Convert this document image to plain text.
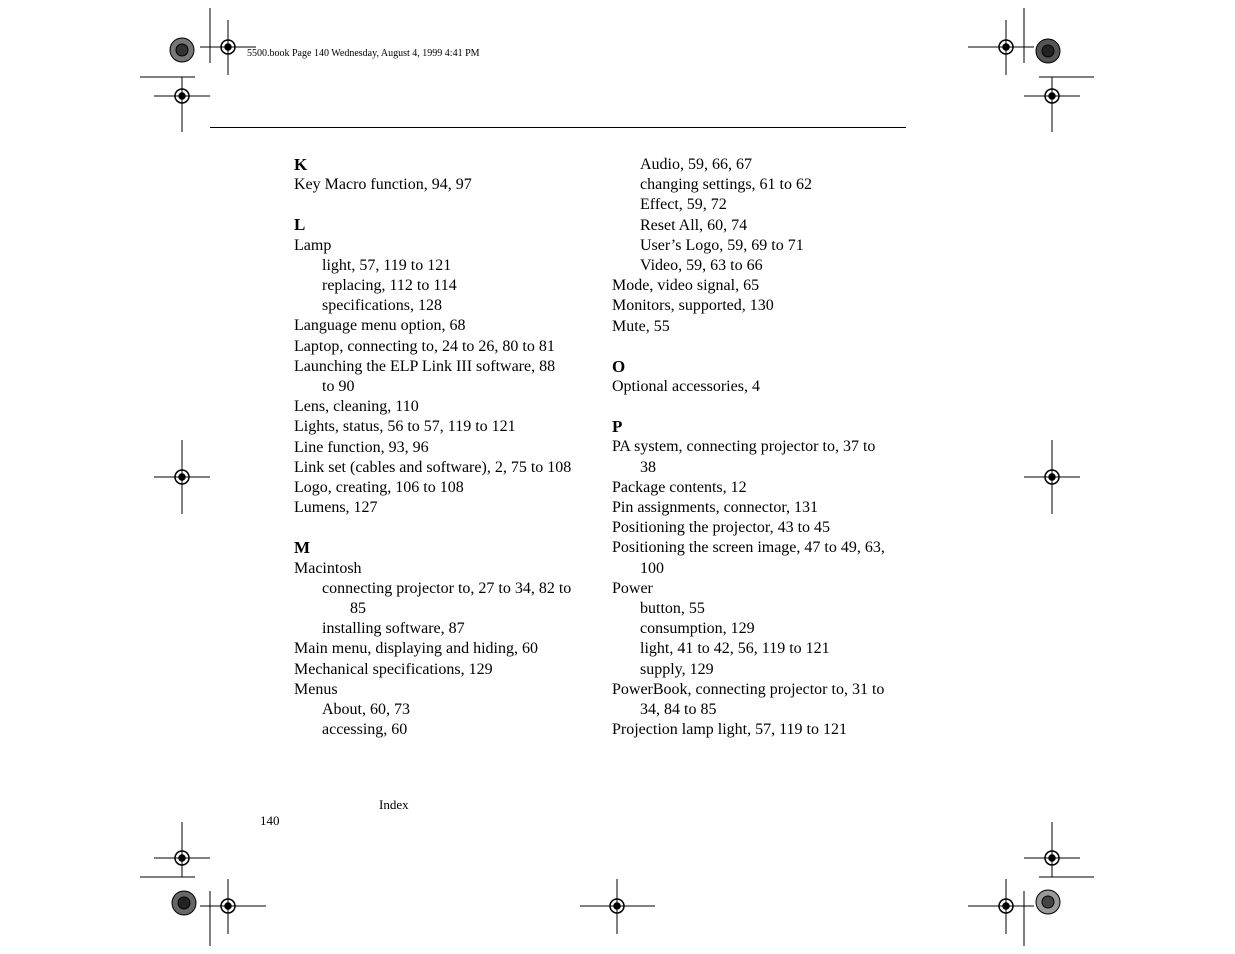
5500.book Page 140 Wednesday, August 4, 1999 4:41 PM
K
Key Macro function, 94, 97
L
Lamp
light, 57, 119 to 121
replacing, 112 to 114
specifications, 128
Language menu option, 68
Laptop, connecting to, 24 to 26, 80 to 81
Launching the ELP Link III software, 88
to 90
Lens, cleaning, 110
Lights, status, 56 to 57, 119 to 121
Line function, 93, 96
Link set (cables and software), 2, 75 to 108
Logo, creating, 106 to 108
Lumens, 127
M
Macintosh
connecting projector to, 27 to 34, 82 to
85
installing software, 87
Main menu, displaying and hiding, 60
Mechanical specifications, 129
Menus
About, 60, 73
accessing, 60
Audio, 59, 66, 67
changing settings, 61 to 62
Effect, 59, 72
Reset All, 60, 74
User’s Logo, 59, 69 to 71
Video, 59, 63 to 66
Mode, video signal, 65
Monitors, supported, 130
Mute, 55
O
Optional accessories, 4
P
PA system, connecting projector to, 37 to
38
Package contents, 12
Pin assignments, connector, 131
Positioning the projector, 43 to 45
Positioning the screen image, 47 to 49, 63,
100
Power
button, 55
consumption, 129
light, 41 to 42, 56, 119 to 121
supply, 129
PowerBook, connecting projector to, 31 to
34, 84 to 85
Projection lamp light, 57, 119 to 121
Index
140
